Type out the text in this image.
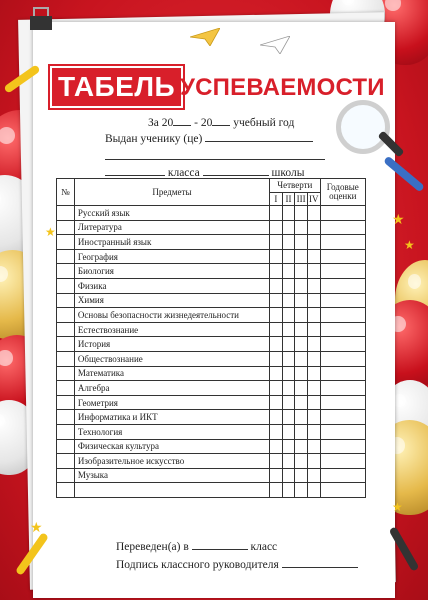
★
★
★
★
★
ТАБЕЛЬ УСПЕВАЕМОСТИ
За 20 - 20 учебный год
Выдан ученику (це)
класса	школы
№	Предметы	Четверти				Годовые оценки
		I	II	III	IV	
	Русский язык					
	Литература					
	Иностранный язык					
	География					
	Биология					
	Физика					
	Химия					
	Основы безопасности жизнедеятельности					
	Естествознание					
	История					
	Обществознание					
	Математика					
	Алгебра					
	Геометрия					
	Информатика и ИКТ					
	Технология					
	Физическая культура					
	Изобразительное искусство					
	Музыка					

Переведен(а) в	класс
Подпись классного руководителя
